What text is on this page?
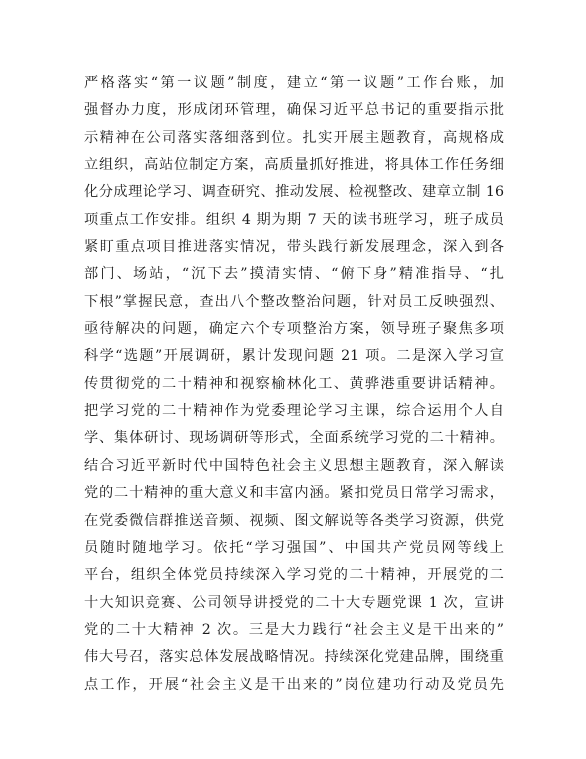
严格落实“第一议题”制度，建立“第一议题”工作台账，加
强督办力度，形成闭环管理，确保习近平总书记的重要指示批
示精神在公司落实落细落到位。扎实开展主题教育，高规格成
立组织，高站位制定方案，高质量抓好推进，将具体工作任务细
化分成理论学习、调查研究、推动发展、检视整改、建章立制 16
项重点工作安排。组织 4 期为期 7 天的读书班学习，班子成员
紧盯重点项目推进落实情况，带头践行新发展理念，深入到各
部门、场站，“沉下去”摸清实情、“俯下身”精准指导、“扎
下根”掌握民意，查出八个整改整治问题，针对员工反映强烈、
亟待解决的问题，确定六个专项整治方案，领导班子聚焦多项
科学“选题”开展调研，累计发现问题 21 项。二是深入学习宣
传贯彻党的二十精神和视察榆林化工、黄骅港重要讲话精神。
把学习党的二十精神作为党委理论学习主课，综合运用个人自
学、集体研讨、现场调研等形式，全面系统学习党的二十精神。
结合习近平新时代中国特色社会主义思想主题教育，深入解读
党的二十精神的重大意义和丰富内涵。紧扣党员日常学习需求，
在党委微信群推送音频、视频、图文解说等各类学习资源，供党
员随时随地学习。依托“学习强国”、中国共产党员网等线上
平台，组织全体党员持续深入学习党的二十精神，开展党的二
十大知识竞赛、公司领导讲授党的二十大专题党课 1 次，宣讲
党的二十大精神 2 次。三是大力践行“社会主义是干出来的”
伟大号召，落实总体发展战略情况。持续深化党建品牌，围绕重
点工作，开展“社会主义是干出来的”岗位建功行动及党员先
